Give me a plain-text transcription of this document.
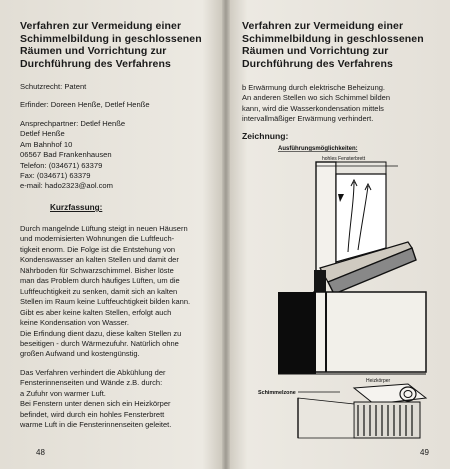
Verfahren zur Vermeidung einer
Schimmelbildung in geschlossenen
Räumen und Vorrichtung zur
Durchführung des Verfahrens
Schutzrecht: Patent
Erfinder: Doreen Henße, Detlef Henße
Ansprechpartner: Detlef Henße
Detlef Henße
Am Bahnhof 10
06567 Bad Frankenhausen
Telefon: (034671) 63379
Fax: (034671) 63379
e-mail: hado2323@aol.com
Kurzfassung:
Durch mangelnde Lüftung steigt in neuen Häusern
und modernisierten Wohnungen die Luftfeuch-
tigkeit enorm. Die Folge ist die Entstehung von
Kondenswasser an kalten Stellen und damit der
Nährboden für Schwarzschimmel. Bisher löste
man das Problem durch häufiges Lüften, um die
Luftfeuchtigkeit zu senken, damit sich an kalten
Stellen im Raum keine Luftfeuchtigkeit bilden kann.
Gibt es aber keine kalten Stellen, erfolgt auch
keine Kondensation von Wasser.
Die Erfindung dient dazu, diese kalten Stellen zu
beseitigen - durch Wärmezufuhr. Natürlich ohne
großen Aufwand und kostengünstig.
Das Verfahren verhindert die Abkühlung der
Fensterinnenseiten und Wände z.B. durch:
a Zufuhr von warmer Luft.
Bei Fenstern unter denen sich ein Heizkörper
befindet, wird durch ein hohles Fensterbrett
warme Luft in die Fensterinnenseiten geleitet.
48
Verfahren zur Vermeidung einer
Schimmelbildung in geschlossenen
Räumen und Vorrichtung zur
Durchführung des Verfahrens
b Erwärmung durch elektrische Beheizung.
An anderen Stellen wo sich Schimmel bilden
kann, wird die Wasserkondensation mittels
intervallmäßiger Erwärmung verhindert.
Zeichnung:
Ausführungsmöglichkeiten:
hohles Fensterbrett
Heizkörper
Schimmelzone
49
